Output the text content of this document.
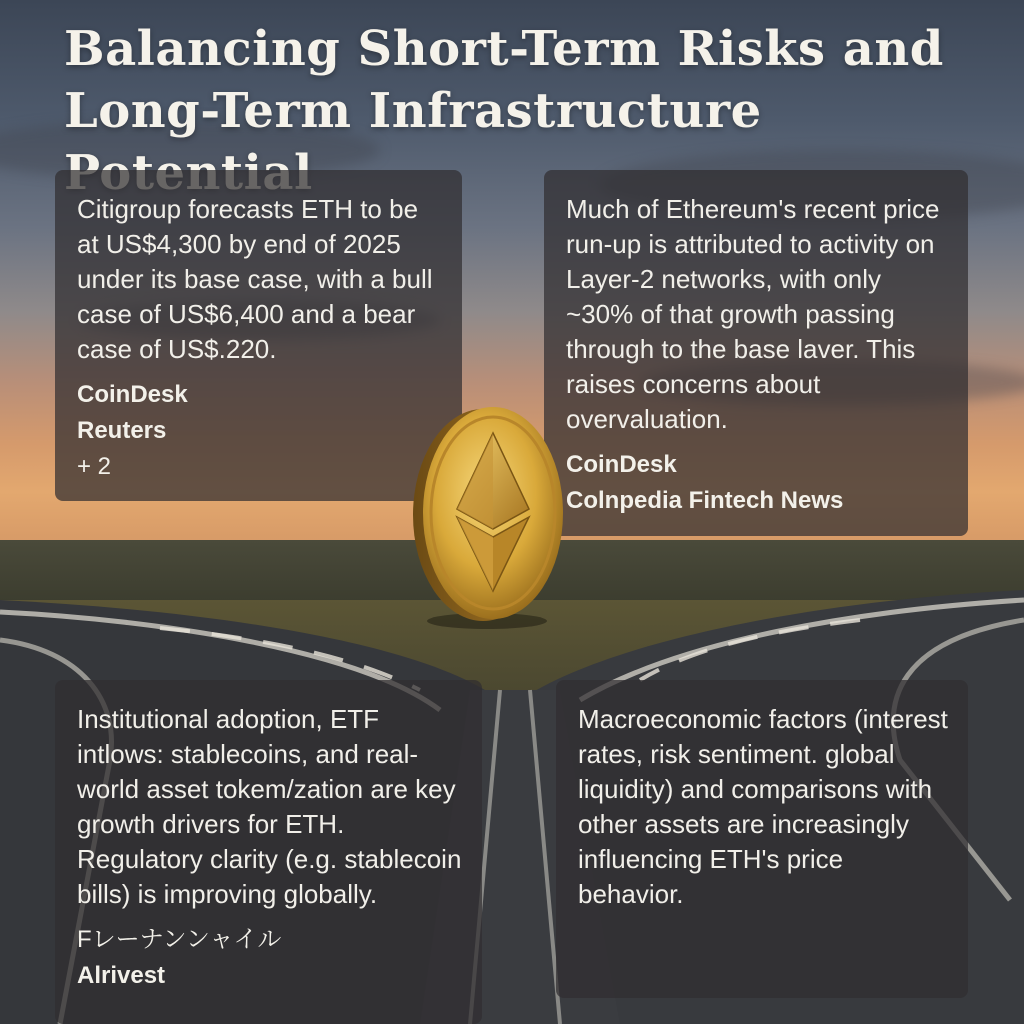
Balancing Short-Term Risks and Long-Term Infrastructure

Citigroup forecasts ETH to be at US$4,300 by end of 2025 under its base case, with a bull case of US$6,400 and a bear case of US$.220.

CoinDesk
Reuters
+ 2

Much of Ethereum's recent price run-up is attributed to activity on Layer-2 networks, with only ~30% of that growth passing through to the base laver. This raises concerns about overvaluation.

CoinDesk
Colnpedia Fintech News

Institutional adoption, ETF intlows: stablecoins, and real-world asset tokem/zation are key growth drivers for ETH. Regulatory clarity (e.g. stablecoin bills) is improving globally.

Fレーナンンャイル
Alrivest

Macroeconomic factors (interest rates, risk sentiment. global liquidity) and comparisons with other assets are increasingly influencing ETH's price behavior.
